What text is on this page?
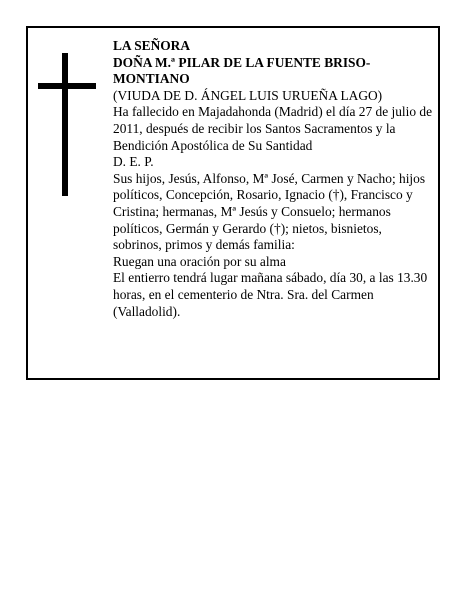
LA SEÑORA

DOÑA M.ª PILAR DE LA FUENTE BRISO-MONTIANO

(VIUDA DE D. ÁNGEL LUIS URUEÑA LAGO)

Ha fallecido en Majadahonda (Madrid) el día 27 de julio de 2011, después de recibir los Santos Sacramentos y la Bendición Apostólica de Su Santidad

D. E. P.

Sus hijos, Jesús, Alfonso, Mª José, Carmen y Nacho; hijos políticos, Concepción, Rosario, Ignacio (†), Francisco y Cristina; hermanas, Mª Jesús y Consuelo; hermanos políticos, Germán y Gerardo (†); nietos, bisnietos, sobrinos, primos y demás familia:

Ruegan una oración por su alma

El entierro tendrá lugar mañana sábado, día 30, a las 13.30 horas, en el cementerio de Ntra. Sra. del Carmen (Valladolid).
